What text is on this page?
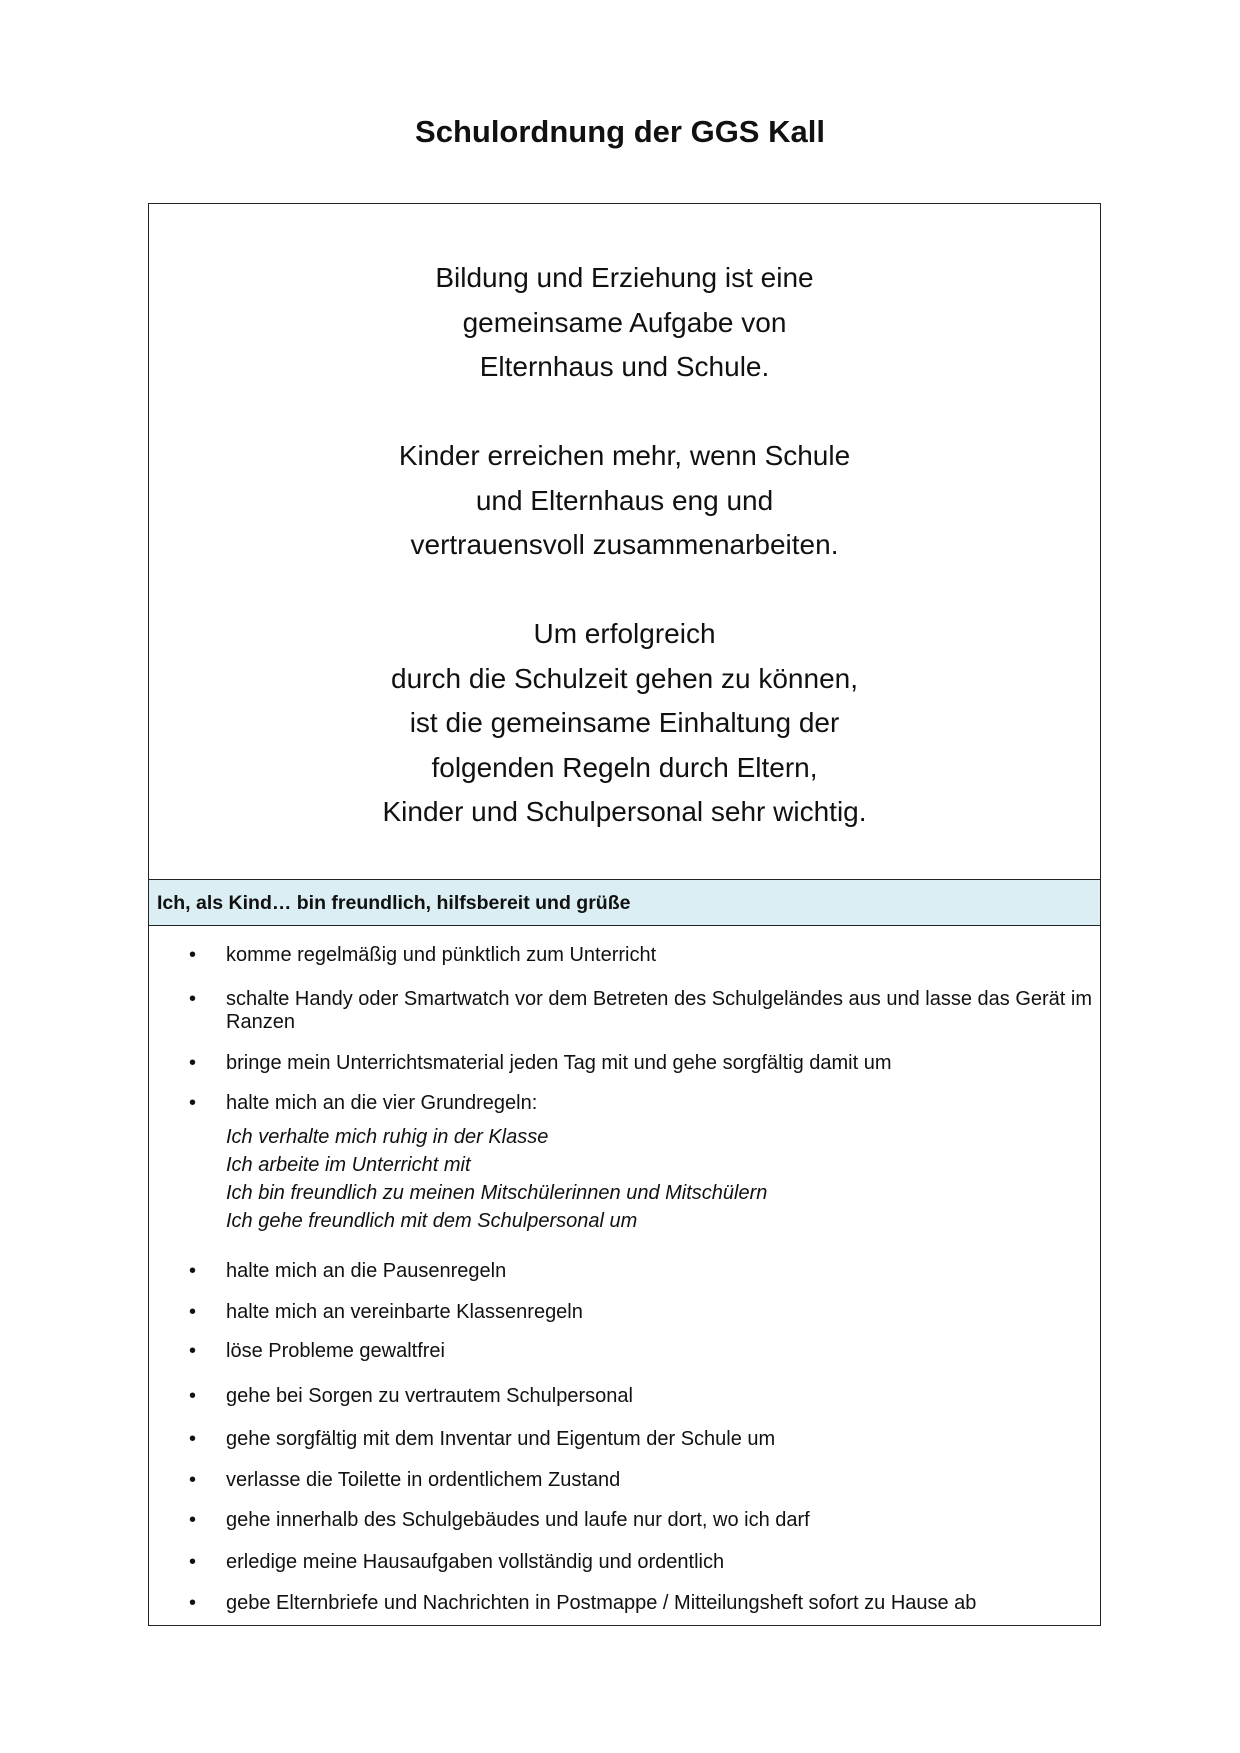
Schulordnung der GGS Kall
Bildung und Erziehung ist eine
gemeinsame Aufgabe von
Elternhaus und Schule.
Kinder erreichen mehr, wenn Schule
und Elternhaus eng und
vertrauensvoll zusammenarbeiten.
Um erfolgreich
durch die Schulzeit gehen zu können,
ist die gemeinsame Einhaltung der
folgenden Regeln durch Eltern,
Kinder und Schulpersonal sehr wichtig.
Ich, als Kind… bin freundlich, hilfsbereit und grüße
• komme regelmäßig und pünktlich zum Unterricht
• schalte Handy oder Smartwatch vor dem Betreten des Schulgeländes aus und lasse das Gerät im Ranzen
• bringe mein Unterrichtsmaterial jeden Tag mit und gehe sorgfältig damit um
• halte mich an die vier Grundregeln:
Ich verhalte mich ruhig in der Klasse
Ich arbeite im Unterricht mit
Ich bin freundlich zu meinen Mitschülerinnen und Mitschülern
Ich gehe freundlich mit dem Schulpersonal um
• halte mich an die Pausenregeln
• halte mich an vereinbarte Klassenregeln
• löse Probleme gewaltfrei
• gehe bei Sorgen zu vertrautem Schulpersonal
• gehe sorgfältig mit dem Inventar und Eigentum der Schule um
• verlasse die Toilette in ordentlichem Zustand
• gehe innerhalb des Schulgebäudes und laufe nur dort, wo ich darf
• erledige meine Hausaufgaben vollständig und ordentlich
• gebe Elternbriefe und Nachrichten in Postmappe / Mitteilungsheft sofort zu Hause ab
